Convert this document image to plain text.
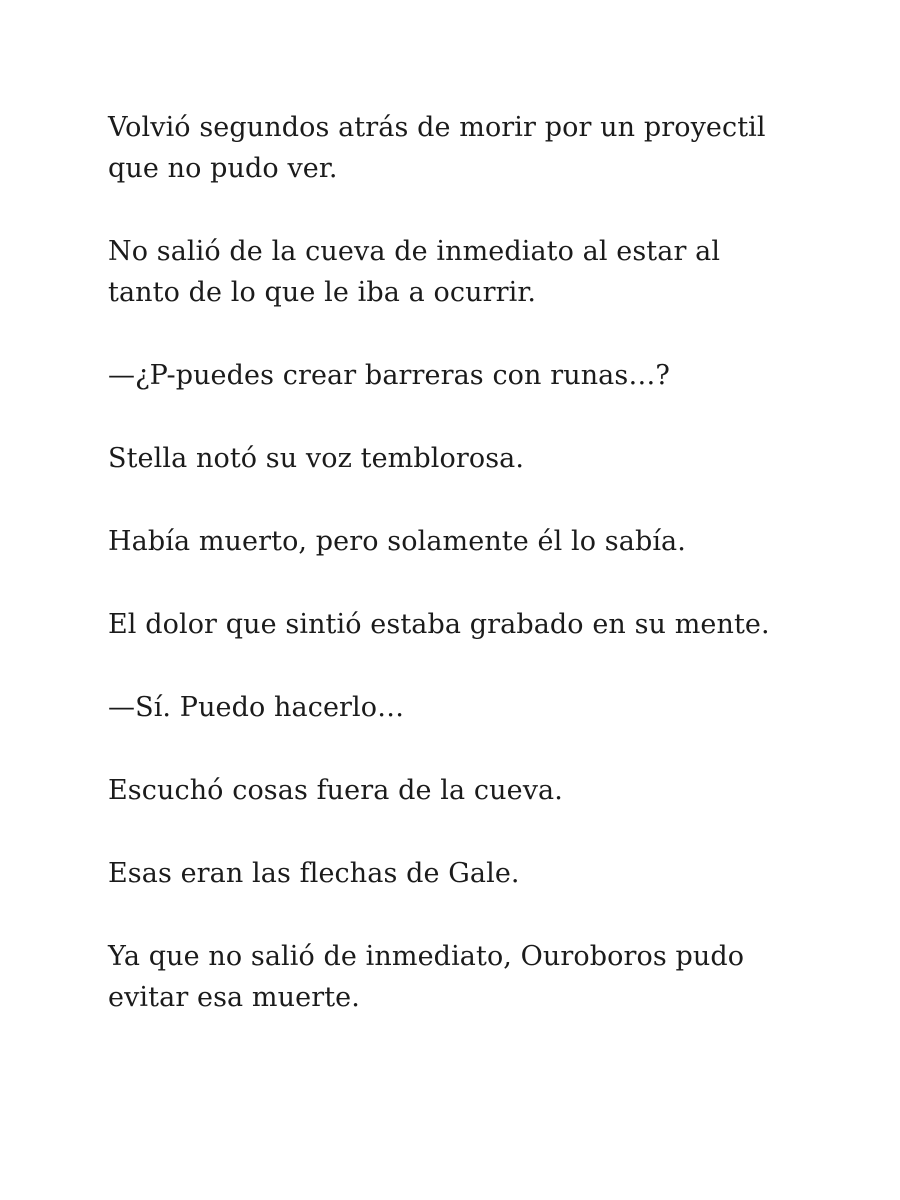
Volvió segundos atrás de morir por un proyectil
que no pudo ver.

No salió de la cueva de inmediato al estar al
tanto de lo que le iba a ocurrir.

—¿P-puedes crear barreras con runas…?

Stella notó su voz temblorosa.

Había muerto, pero solamente él lo sabía.

El dolor que sintió estaba grabado en su mente.

—Sí. Puedo hacerlo…

Escuchó cosas fuera de la cueva.

Esas eran las flechas de Gale.

Ya que no salió de inmediato, Ouroboros pudo
evitar esa muerte.
